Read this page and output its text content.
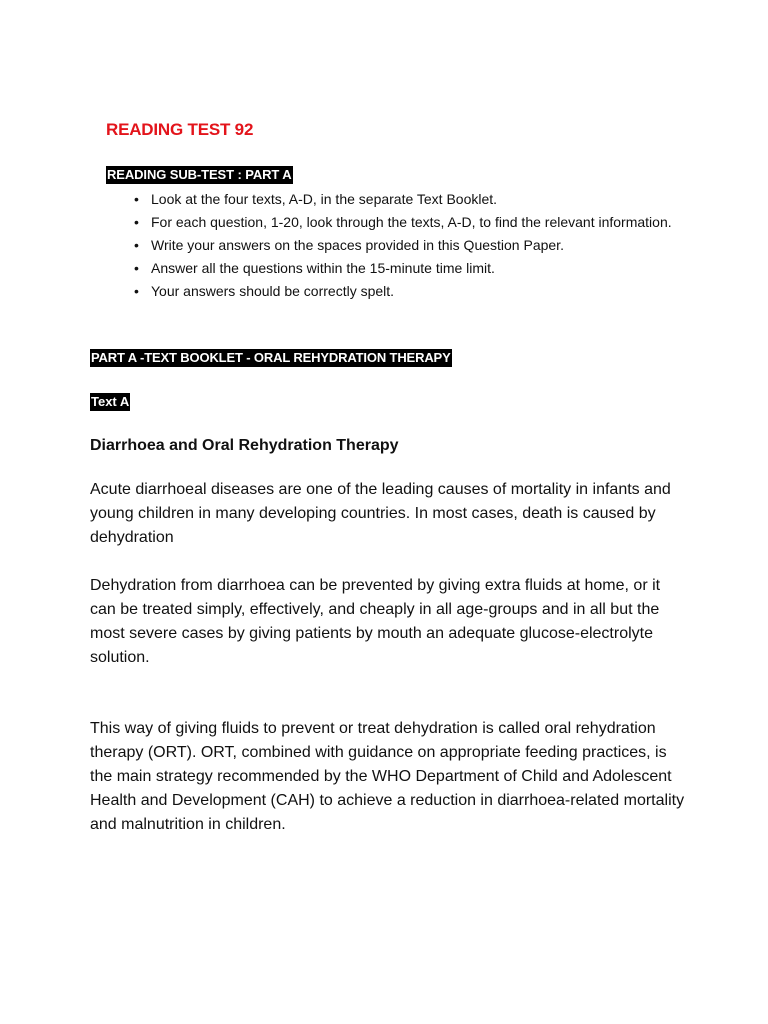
READING TEST 92
READING SUB-TEST : PART A
• Look at the four texts, A-D, in the separate Text Booklet.
• For each question, 1-20, look through the texts, A-D, to find the relevant information.
• Write your answers on the spaces provided in this Question Paper.
• Answer all the questions within the 15-minute time limit.
• Your answers should be correctly spelt.
PART A -TEXT BOOKLET - ORAL REHYDRATION THERAPY
Text A
Diarrhoea and Oral Rehydration Therapy

Acute diarrhoeal diseases are one of the leading causes of mortality in infants and young children in many developing countries. In most cases, death is caused by dehydration

Dehydration from diarrhoea can be prevented by giving extra fluids at home, or it can be treated simply, effectively, and cheaply in all age-groups and in all but the most severe cases by giving patients by mouth an adequate glucose-electrolyte solution.

This way of giving fluids to prevent or treat dehydration is called oral rehydration therapy (ORT). ORT, combined with guidance on appropriate feeding practices, is the main strategy recommended by the WHO Department of Child and Adolescent Health and Development (CAH) to achieve a reduction in diarrhoea-related mortality and malnutrition in children.
